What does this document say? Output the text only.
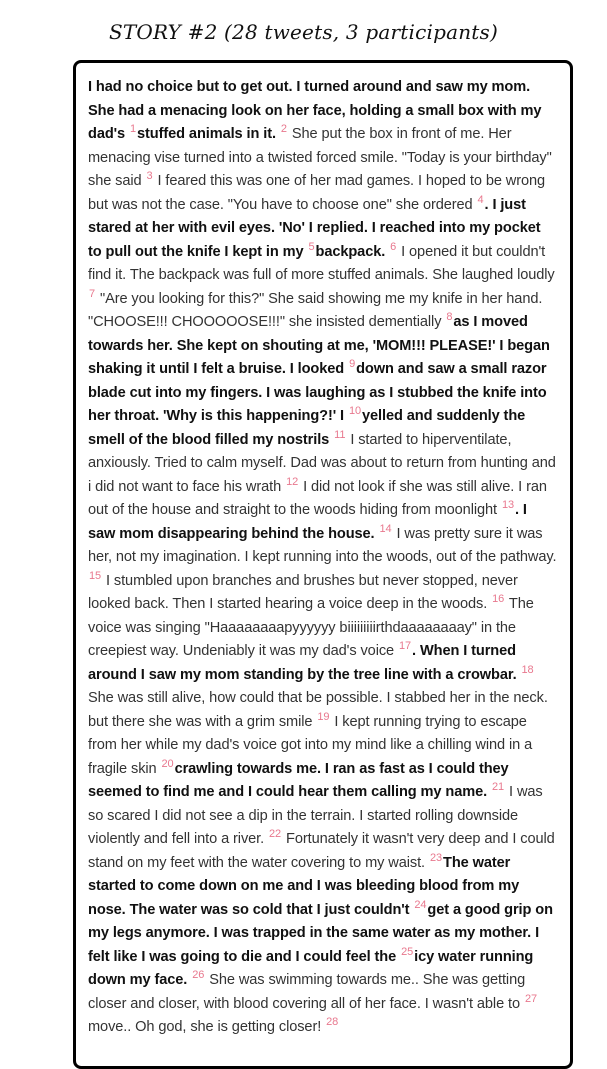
STORY #2 (28 tweets, 3 participants)
I had no choice but to get out. I turned around and saw my mom. She had a menacing look on her face, holding a small box with my dad's $^1$stuffed animals in it. $^2$ She put the box in front of me. Her menacing vise turned into a twisted forced smile. "Today is your birthday" she said $^3$ I feared this was one of her mad games. I hoped to be wrong but was not the case. "You have to choose one" she ordered $^4$. I just stared at her with evil eyes. 'No' I replied. I reached into my pocket to pull out the knife I kept in my $^5$backpack. $^6$ I opened it but couldn't find it. The backpack was full of more stuffed animals. She laughed loudly $^7$ "Are you looking for this?" She said showing me my knife in her hand. "CHOOSE!!! CHOOOOOSE!!!" she insisted dementially $^8$as I moved towards her. She kept on shouting at me, 'MOM!!! PLEASE!' I began shaking it until I felt a bruise. I looked $^9$down and saw a small razor blade cut into my fingers. I was laughing as I stubbed the knife into her throat. 'Why is this happening?!' I $^{10}$yelled and suddenly the smell of the blood filled my nostrils $^{11}$ I started to hiperventilate, anxiously. Tried to calm myself. Dad was about to return from hunting and i did not want to face his wrath $^{12}$ I did not look if she was still alive. I ran out of the house and straight to the woods hiding from moonlight $^{13}$. I saw mom disappearing behind the house. $^{14}$ I was pretty sure it was her, not my imagination. I kept running into the woods, out of the pathway. $^{15}$ I stumbled upon branches and brushes but never stopped, never looked back. Then I started hearing a voice deep in the woods. $^{16}$ The voice was singing "Haaaaaaaapyyyyyy biiiiiiiiirthdaaaaaaaay" in the creepiest way. Undeniably it was my dad's voice $^{17}$. When I turned around I saw my mom standing by the tree line with a crowbar. $^{18}$ She was still alive, how could that be possible. I stabbed her in the neck. but there she was with a grim smile $^{19}$ I kept running trying to escape from her while my dad's voice got into my mind like a chilling wind in a fragile skin $^{20}$crawling towards me. I ran as fast as I could they seemed to find me and I could hear them calling my name. $^{21}$ I was so scared I did not see a dip in the terrain. I started rolling downside violently and fell into a river. $^{22}$ Fortunately it wasn't very deep and I could stand on my feet with the water covering to my waist. $^{23}$The water started to come down on me and I was bleeding blood from my nose. The water was so cold that I just couldn't $^{24}$get a good grip on my legs anymore. I was trapped in the same water as my mother. I felt like I was going to die and I could feel the $^{25}$icy water running down my face. $^{26}$ She was swimming towards me.. She was getting closer and closer, with blood covering all of her face. I wasn't able to $^{27}$ move.. Oh god, she is getting closer! $^{28}$
